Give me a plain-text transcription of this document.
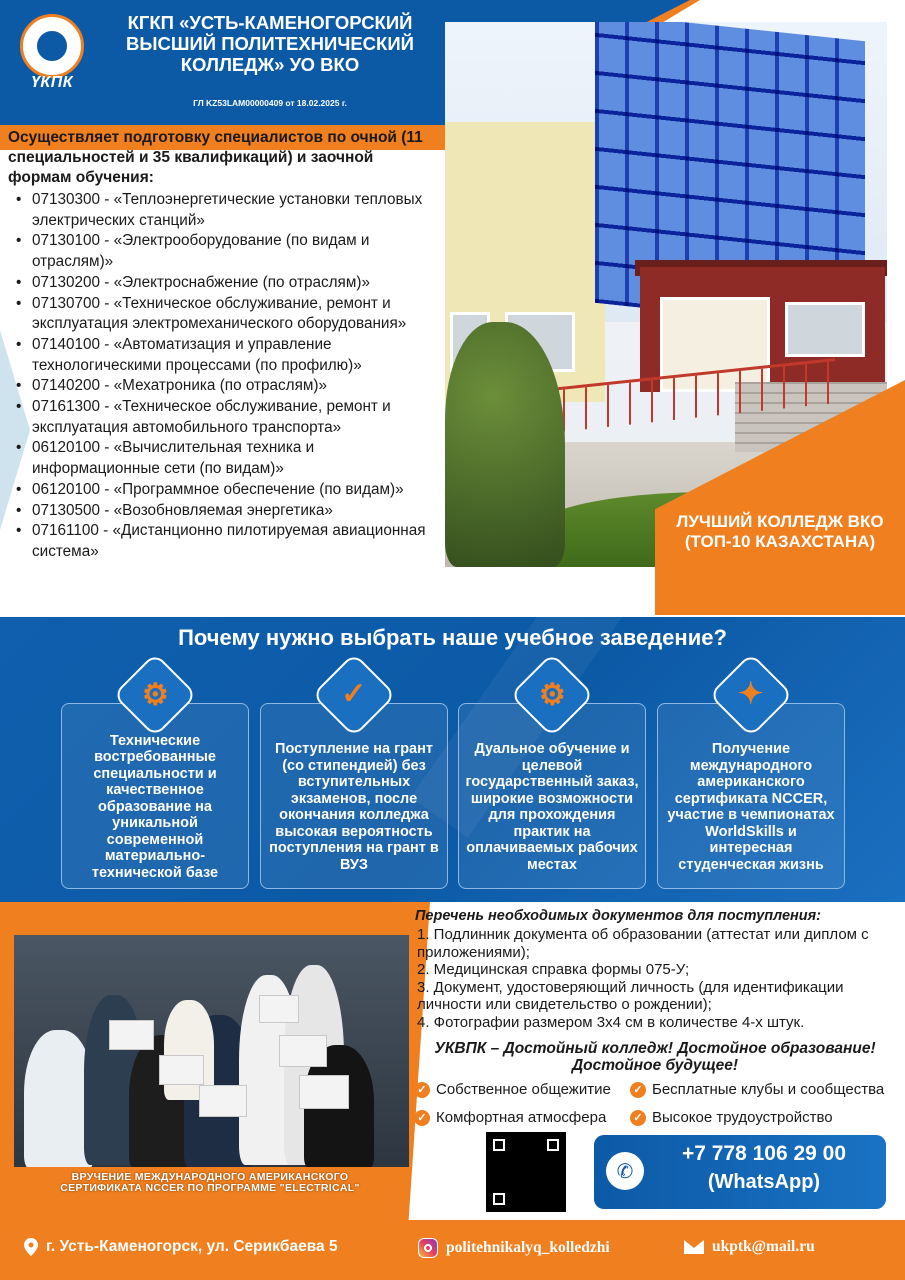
ҮКПК
КГКП «УСТЬ-КАМЕНОГОРСКИЙ ВЫСШИЙ ПОЛИТЕХНИЧЕСКИЙ КОЛЛЕДЖ» УО ВКО
ГЛ KZ53LAM00000409 от 18.02.2025 г.
ЛУЧШИЙ КОЛЛЕДЖ ВКО (ТОП-10 КАЗАХСТАНА)
Осуществляет подготовку специалистов по очной (11 специальностей и 35 квалификаций) и заочной формам обучения:
• 07130300 - «Теплоэнергетические установки тепловых электрических станций»
• 07130100 - «Электрооборудование (по видам и отраслям)»
• 07130200 - «Электроснабжение (по отраслям)»
• 07130700 - «Техническое обслуживание, ремонт и эксплуатация электромеханического оборудования»
• 07140100 - «Автоматизация и управление технологическими процессами (по профилю)»
• 07140200 - «Мехатроника (по отраслям)»
• 07161300 - «Техническое обслуживание, ремонт и эксплуатация автомобильного транспорта»
• 06120100 - «Вычислительная техника и информационные сети (по видам)»
• 06120100 - «Программное обеспечение (по видам)»
• 07130500 - «Возобновляемая энергетика»
• 07161100 - «Дистанционно пилотируемая авиационная система»
Почему нужно выбрать наше учебное заведение?
Технические востребованные специальности и качественное образование на уникальной современной материально-технической базе
⚙
Поступление на грант (со стипендией) без вступительных экзаменов, после окончания колледжа высокая вероятность поступления на грант в ВУЗ
✓
Дуальное обучение и целевой государственный заказ, широкие возможности для прохождения практик на оплачиваемых рабочих местах
⚙
Получение международного американского сертификата NCCER, участие в чемпионатах WorldSkills и интересная студенческая жизнь
✦
ВРУЧЕНИЕ МЕЖДУНАРОДНОГО АМЕРИКАНСКОГО СЕРТИФИКАТА NCCER ПО ПРОГРАММЕ "ELECTRICAL"
Перечень необходимых документов для поступления:
1. Подлинник документа об образовании (аттестат или диплом с приложениями);
2. Медицинская справка формы 075-У;
3. Документ, удостоверяющий личность (для идентификации личности или свидетельство о рождении);
4. Фотографии размером 3х4 см в количестве 4-х штук.
УКВПК – Достойный колледж! Достойное образование! Достойное будущее!
✓ Собственное общежитие	✓ Бесплатные клубы и сообщества
✓ Комфортная атмосфера	✓ Высокое трудоустройство
✆
+7 778 106 29 00
(WhatsApp)
г. Усть-Каменогорск, ул. Серикбаева 5	politehnikalyq_kolledzhi	ukptk@mail.ru
